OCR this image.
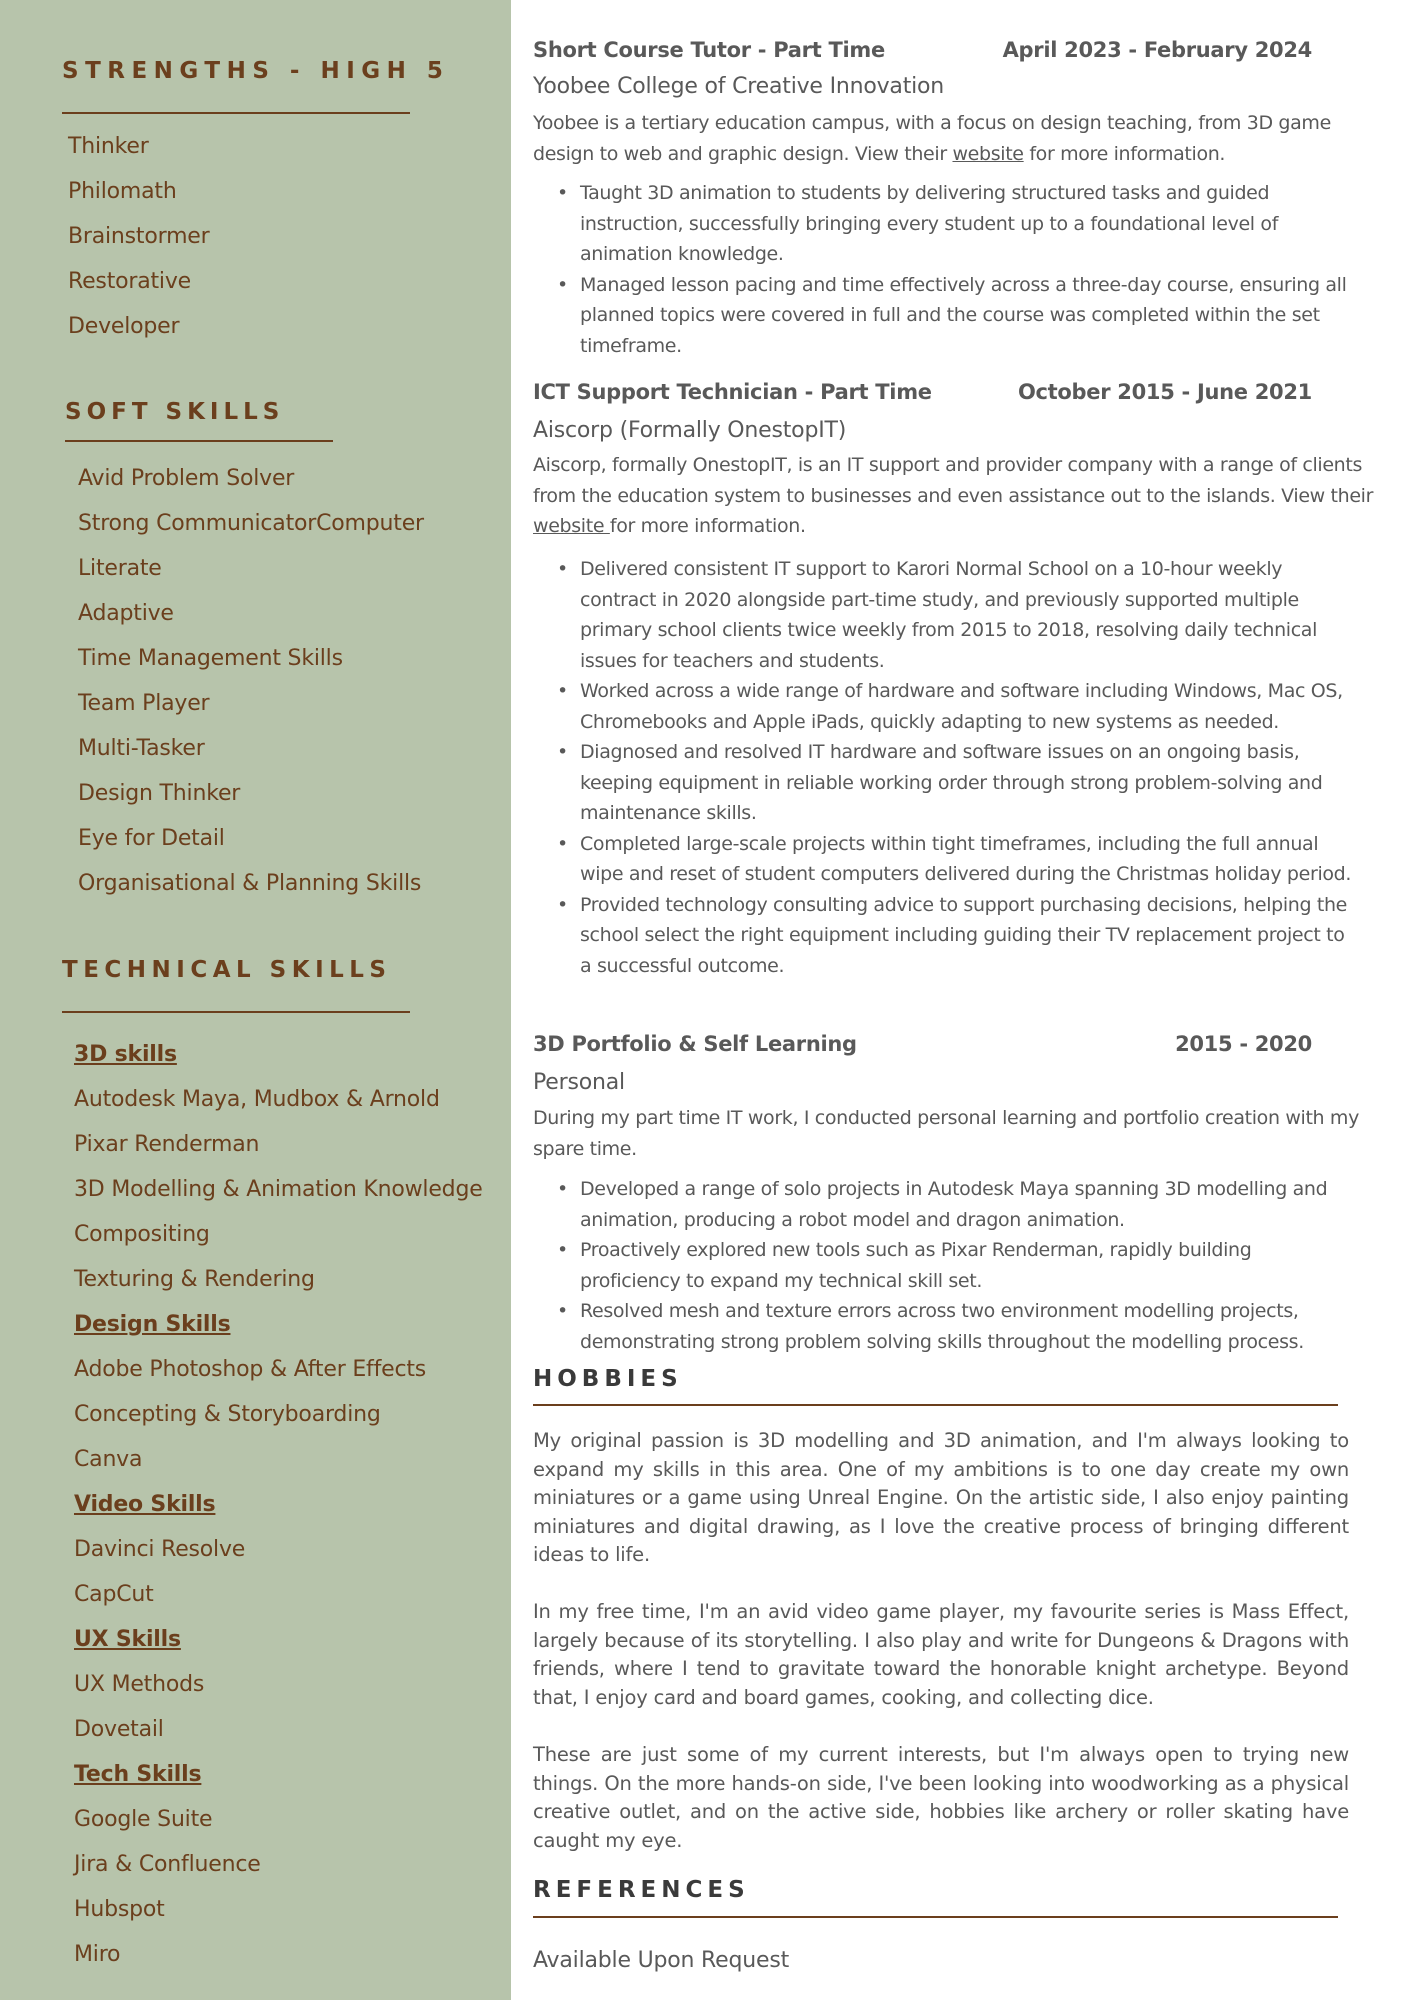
STRENGTHS - HIGH 5
Thinker
Philomath
Brainstormer
Restorative
Developer
SOFT SKILLS
Avid Problem Solver
Strong CommunicatorComputer
Literate
Adaptive
Time Management Skills
Team Player
Multi-Tasker
Design Thinker
Eye for Detail
Organisational & Planning Skills
TECHNICAL SKILLS
3D skills
Autodesk Maya, Mudbox & Arnold
Pixar Renderman
3D Modelling & Animation Knowledge
Compositing
Texturing & Rendering
Design Skills
Adobe Photoshop & After Effects
Concepting & Storyboarding
Canva
Video Skills
Davinci Resolve
CapCut
UX Skills
UX Methods
Dovetail
Tech Skills
Google Suite
Jira & Confluence
Hubspot
Miro
Short Course Tutor - Part Time	April 2023 - February 2024
Yoobee College of Creative Innovation
Yoobee is a tertiary education campus, with a focus on design teaching, from 3D game design to web and graphic design. View their website for more information.
• Taught 3D animation to students by delivering structured tasks and guided instruction, successfully bringing every student up to a foundational level of animation knowledge.
• Managed lesson pacing and time effectively across a three-day course, ensuring all planned topics were covered in full and the course was completed within the set timeframe.
ICT Support Technician - Part Time	October 2015 - June 2021
Aiscorp (Formally OnestopIT)
Aiscorp, formally OnestopIT, is an IT support and provider company with a range of clients from the education system to businesses and even assistance out to the islands. View their website for more information.
• Delivered consistent IT support to Karori Normal School on a 10-hour weekly contract in 2020 alongside part-time study, and previously supported multiple primary school clients twice weekly from 2015 to 2018, resolving daily technical issues for teachers and students.
• Worked across a wide range of hardware and software including Windows, Mac OS, Chromebooks and Apple iPads, quickly adapting to new systems as needed.
• Diagnosed and resolved IT hardware and software issues on an ongoing basis, keeping equipment in reliable working order through strong problem-solving and maintenance skills.
• Completed large-scale projects within tight timeframes, including the full annual wipe and reset of student computers delivered during the Christmas holiday period.
• Provided technology consulting advice to support purchasing decisions, helping the school select the right equipment including guiding their TV replacement project to a successful outcome.
3D Portfolio & Self Learning	2015 - 2020
Personal
During my part time IT work, I conducted personal learning and portfolio creation with my spare time.
• Developed a range of solo projects in Autodesk Maya spanning 3D modelling and animation, producing a robot model and dragon animation.
• Proactively explored new tools such as Pixar Renderman, rapidly building proficiency to expand my technical skill set.
• Resolved mesh and texture errors across two environment modelling projects, demonstrating strong problem solving skills throughout the modelling process.
HOBBIES

My original passion is 3D modelling and 3D animation, and I'm always looking to expand my skills in this area. One of my ambitions is to one day create my own miniatures or a game using Unreal Engine. On the artistic side, I also enjoy painting miniatures and digital drawing, as I love the creative process of bringing different ideas to life.

In my free time, I'm an avid video game player, my favourite series is Mass Effect, largely because of its storytelling. I also play and write for Dungeons & Dragons with friends, where I tend to gravitate toward the honorable knight archetype. Beyond that, I enjoy card and board games, cooking, and collecting dice.

These are just some of my current interests, but I'm always open to trying new things. On the more hands-on side, I've been looking into woodworking as a physical creative outlet, and on the active side, hobbies like archery or roller skating have caught my eye.

REFERENCES
Available Upon Request
